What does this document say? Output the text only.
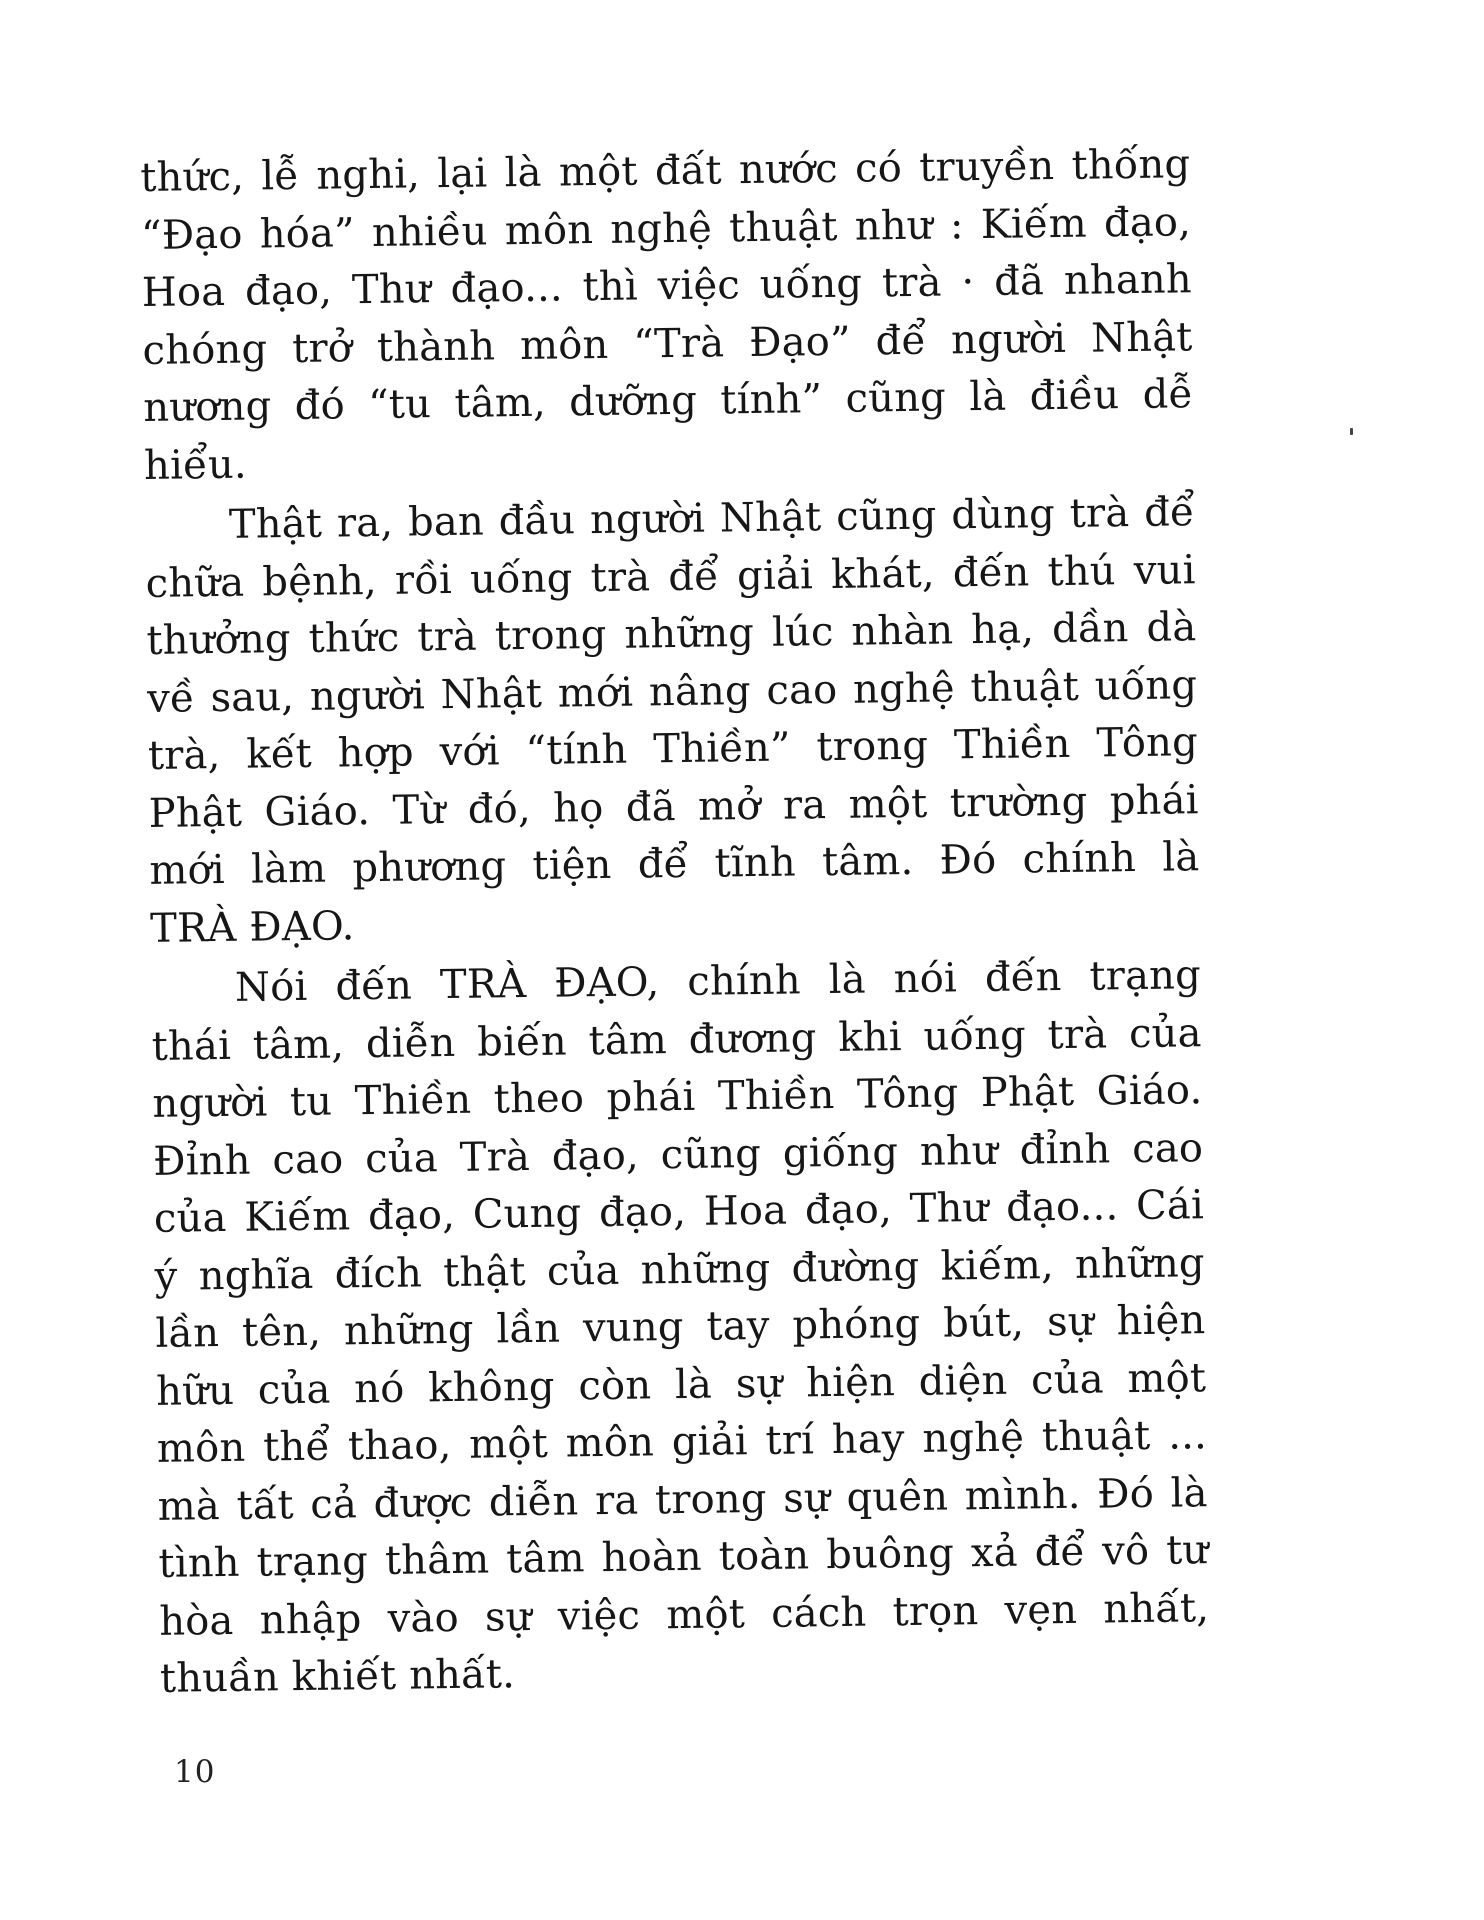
thức, lễ nghi, lại là một đất nước có truyền thống
“Đạo hóa” nhiều môn nghệ thuật như : Kiếm đạo,
Hoa đạo, Thư đạo... thì việc uống trà · đã nhanh
chóng trở thành môn “Trà Đạo” để người Nhật
nương đó “tu tâm, dưỡng tính” cũng là điều dễ
hiểu.
Thật ra, ban đầu người Nhật cũng dùng trà để
chữa bệnh, rồi uống trà để giải khát, đến thú vui
thưởng thức trà trong những lúc nhàn hạ, dần dà
về sau, người Nhật mới nâng cao nghệ thuật uống
trà, kết hợp với “tính Thiền” trong Thiền Tông
Phật Giáo. Từ đó, họ đã mở ra một trường phái
mới làm phương tiện để tĩnh tâm. Đó chính là
TRÀ ĐẠO.
Nói đến TRÀ ĐẠO, chính là nói đến trạng
thái tâm, diễn biến tâm đương khi uống trà của
người tu Thiền theo phái Thiền Tông Phật Giáo.
Đỉnh cao của Trà đạo, cũng giống như đỉnh cao
của Kiếm đạo, Cung đạo, Hoa đạo, Thư đạo... Cái
ý nghĩa đích thật của những đường kiếm, những
lần tên, những lần vung tay phóng bút, sự hiện
hữu của nó không còn là sự hiện diện của một
môn thể thao, một môn giải trí hay nghệ thuật ...
mà tất cả được diễn ra trong sự quên mình. Đó là
tình trạng thâm tâm hoàn toàn buông xả để vô tư
hòa nhập vào sự việc một cách trọn vẹn nhất,
thuần khiết nhất.
10
